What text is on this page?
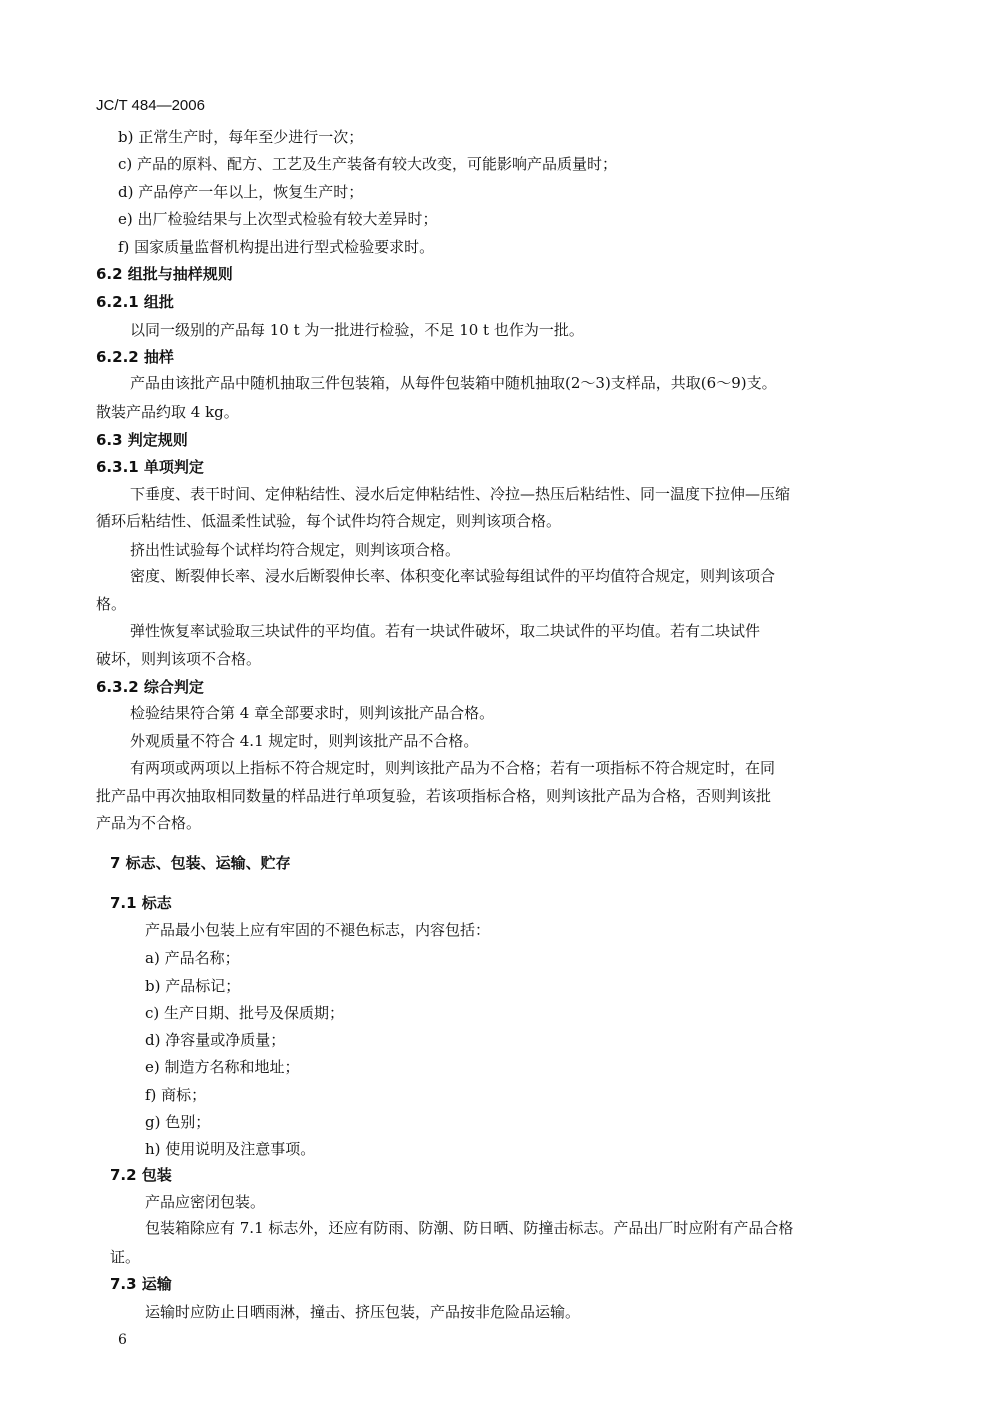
JC/T 484—2006
b) 正常生产时，每年至少进行一次；
c) 产品的原料、配方、工艺及生产装备有较大改变，可能影响产品质量时；
d) 产品停产一年以上，恢复生产时；
e) 出厂检验结果与上次型式检验有较大差异时；
f) 国家质量监督机构提出进行型式检验要求时。
6.2 组批与抽样规则
6.2.1 组批
以同一级别的产品每 10 t 为一批进行检验，不足 10 t 也作为一批。
6.2.2 抽样
产品由该批产品中随机抽取三件包装箱，从每件包装箱中随机抽取(2～3)支样品，共取(6～9)支。
散装产品约取 4 kg。
6.3 判定规则
6.3.1 单项判定
下垂度、表干时间、定伸粘结性、浸水后定伸粘结性、冷拉—热压后粘结性、同一温度下拉伸—压缩
循环后粘结性、低温柔性试验，每个试件均符合规定，则判该项合格。
挤出性试验每个试样均符合规定，则判该项合格。
密度、断裂伸长率、浸水后断裂伸长率、体积变化率试验每组试件的平均值符合规定，则判该项合
格。
弹性恢复率试验取三块试件的平均值。若有一块试件破坏，取二块试件的平均值。若有二块试件
破坏，则判该项不合格。
6.3.2 综合判定
检验结果符合第 4 章全部要求时，则判该批产品合格。
外观质量不符合 4.1 规定时，则判该批产品不合格。
有两项或两项以上指标不符合规定时，则判该批产品为不合格；若有一项指标不符合规定时，在同
批产品中再次抽取相同数量的样品进行单项复验，若该项指标合格，则判该批产品为合格，否则判该批
产品为不合格。
7 标志、包装、运输、贮存
7.1 标志
产品最小包装上应有牢固的不褪色标志，内容包括：
a) 产品名称；
b) 产品标记；
c) 生产日期、批号及保质期；
d) 净容量或净质量；
e) 制造方名称和地址；
f) 商标；
g) 色别；
h) 使用说明及注意事项。
7.2 包装
产品应密闭包装。
包装箱除应有 7.1 标志外，还应有防雨、防潮、防日晒、防撞击标志。产品出厂时应附有产品合格
证。
7.3 运输
运输时应防止日晒雨淋，撞击、挤压包装，产品按非危险品运输。
6
